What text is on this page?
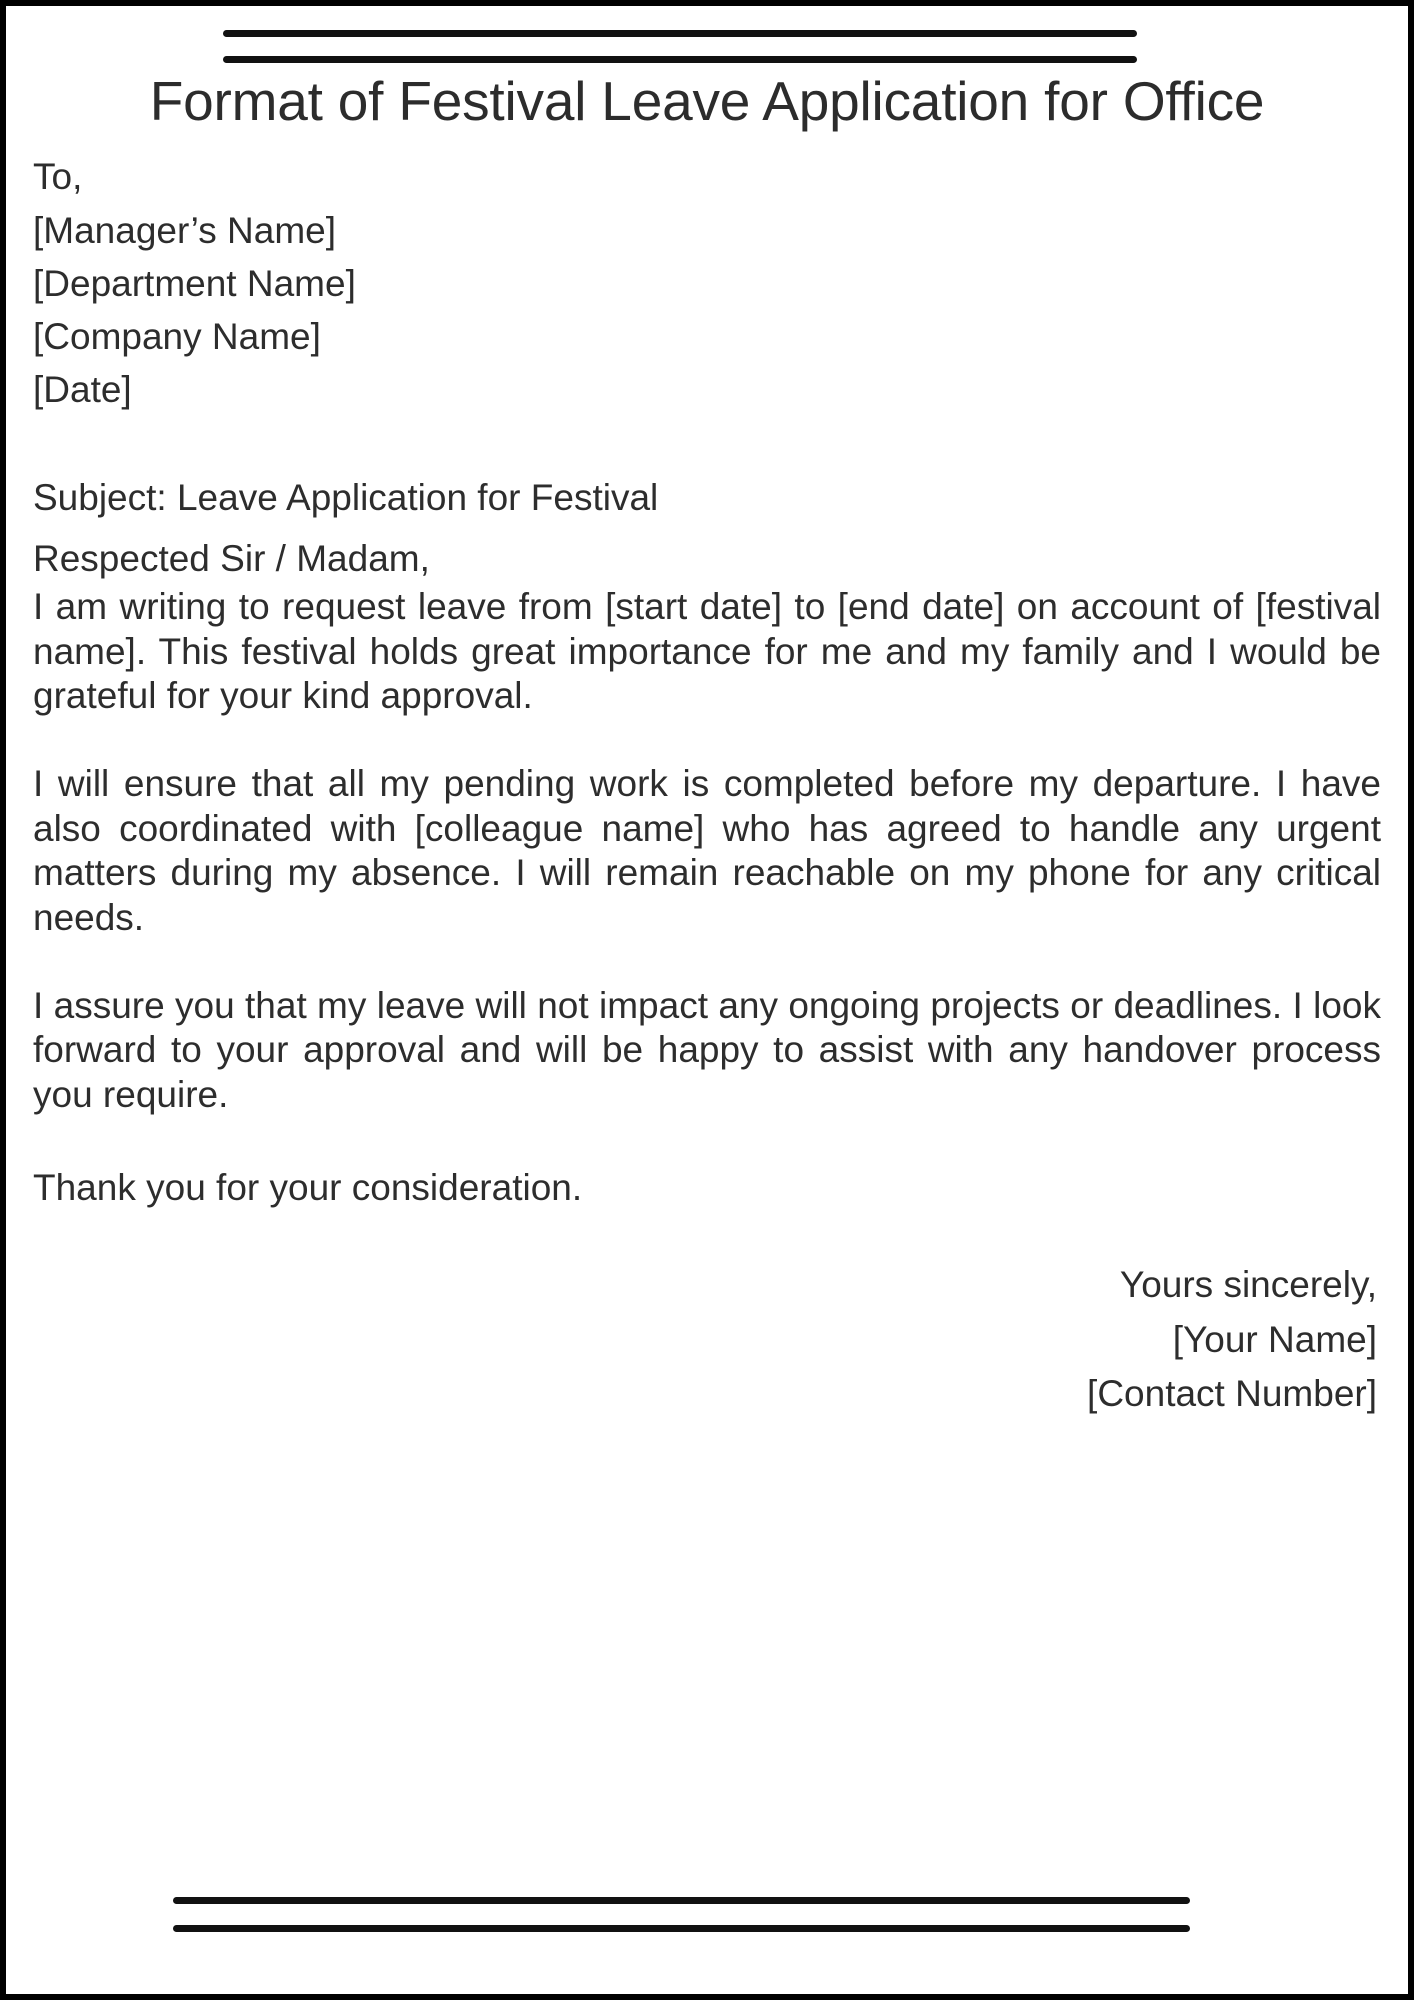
Format of Festival Leave Application for Office
To,
[Manager’s Name]
[Department Name]
[Company Name]
[Date]
Subject: Leave Application for Festival
Respected Sir / Madam,

I am writing to request leave from [start date] to [end date] on account of [festival name]. This festival holds great importance for me and my family and I would be grateful for your kind approval.

I will ensure that all my pending work is completed before my departure. I have also coordinated with [colleague name] who has agreed to handle any urgent matters during my absence. I will remain reachable on my phone for any critical needs.

I assure you that my leave will not impact any ongoing projects or deadlines. I look forward to your approval and will be happy to assist with any handover process you require.

Thank you for your consideration.
Yours sincerely,
[Your Name]
[Contact Number]
